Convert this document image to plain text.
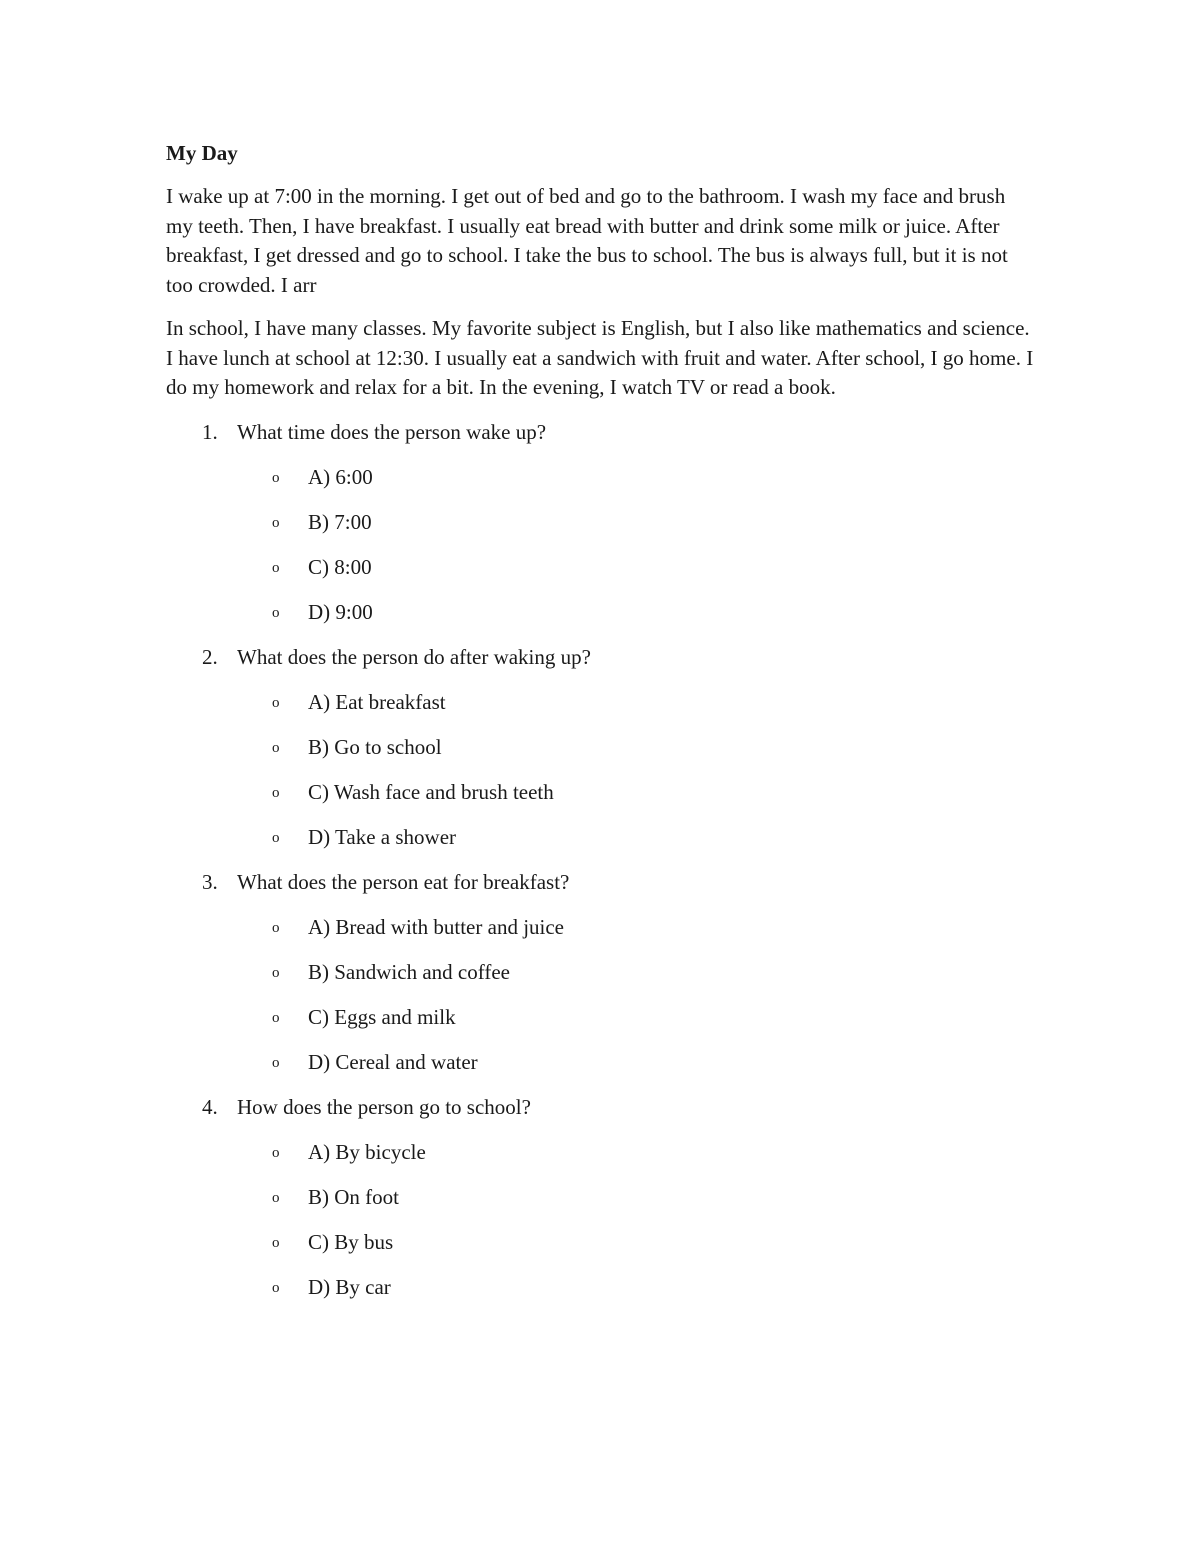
My Day

I wake up at 7:00 in the morning. I get out of bed and go to the bathroom. I wash my face and brush my teeth. Then, I have breakfast. I usually eat bread with butter and drink some milk or juice. After breakfast, I get dressed and go to school. I take the bus to school. The bus is always full, but it is not too crowded. I arr

In school, I have many classes. My favorite subject is English, but I also like mathematics and science. I have lunch at school at 12:30. I usually eat a sandwich with fruit and water. After school, I go home. I do my homework and relax for a bit. In the evening, I watch TV or read a book.

1. What time does the person wake up?
o A) 6:00
o B) 7:00
o C) 8:00
o D) 9:00
2. What does the person do after waking up?
o A) Eat breakfast
o B) Go to school
o C) Wash face and brush teeth
o D) Take a shower
3. What does the person eat for breakfast?
o A) Bread with butter and juice
o B) Sandwich and coffee
o C) Eggs and milk
o D) Cereal and water
4. How does the person go to school?
o A) By bicycle
o B) On foot
o C) By bus
o D) By car
